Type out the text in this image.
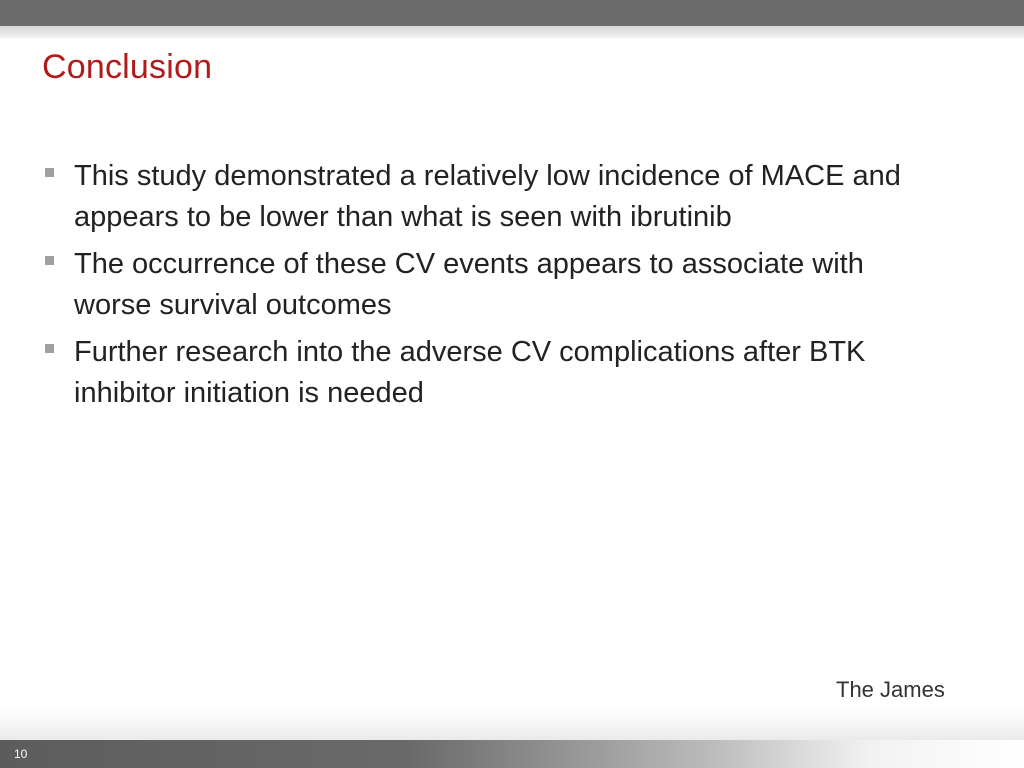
Conclusion
This study demonstrated a relatively low incidence of MACE and appears to be lower than what is seen with ibrutinib
The occurrence of these CV events appears to associate with worse survival outcomes
Further research into the adverse CV complications after BTK inhibitor initiation is needed
The James
10
